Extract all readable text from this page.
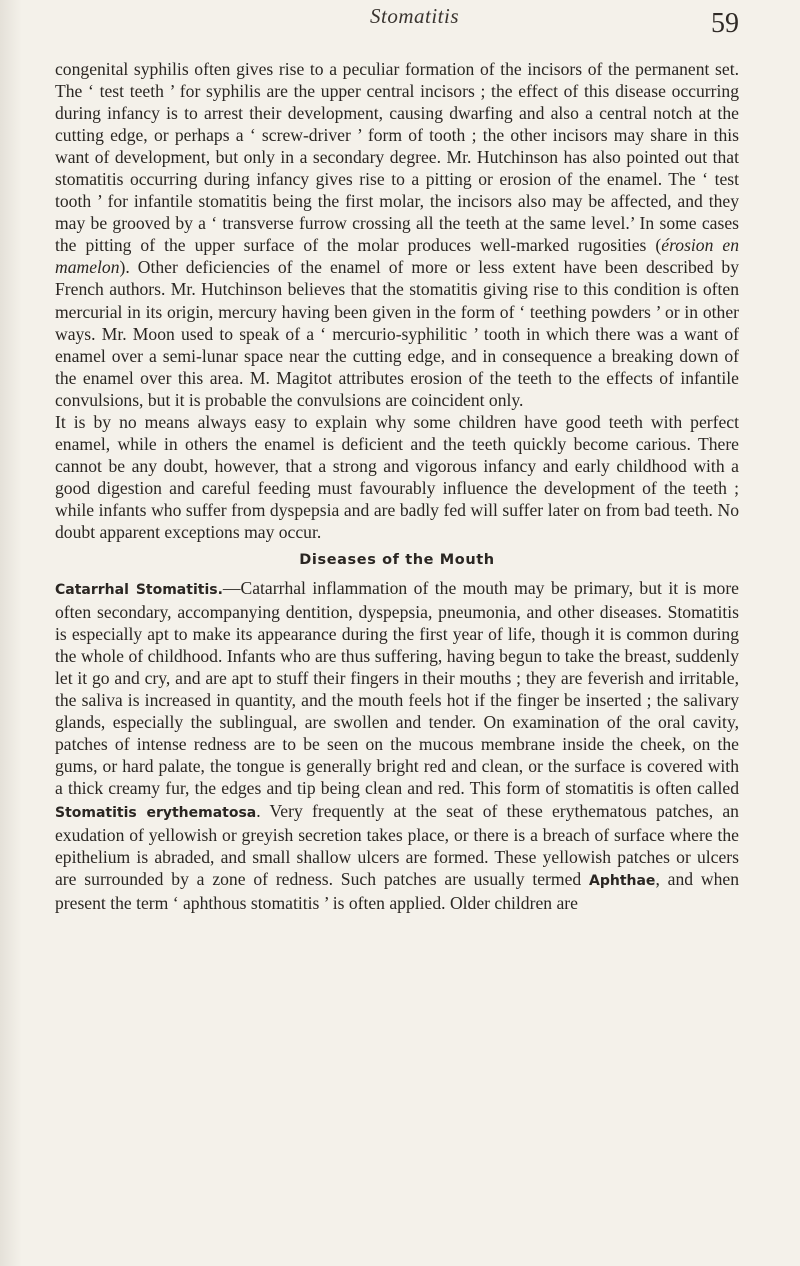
Stomatitis	59

congenital syphilis often gives rise to a peculiar formation of the incisors of the permanent set. The ‘ test teeth ’ for syphilis are the upper central incisors ; the effect of this disease occurring during infancy is to arrest their development, causing dwarfing and also a central notch at the cutting edge, or perhaps a ‘ screw-driver ’ form of tooth ; the other incisors may share in this want of development, but only in a secondary degree. Mr. Hutchinson has also pointed out that stomatitis occurring during infancy gives rise to a pitting or erosion of the enamel. The ‘ test tooth ’ for infantile stomatitis being the first molar, the incisors also may be affected, and they may be grooved by a ‘ transverse furrow crossing all the teeth at the same level.’ In some cases the pitting of the upper surface of the molar produces well-marked rugosities (érosion en mamelon). Other deficiencies of the enamel of more or less extent have been described by French authors. Mr. Hutchinson believes that the stomatitis giving rise to this condition is often mercurial in its origin, mercury having been given in the form of ‘ teething powders ’ or in other ways. Mr. Moon used to speak of a ‘ mercurio-syphilitic ’ tooth in which there was a want of enamel over a semi-lunar space near the cutting edge, and in consequence a breaking down of the enamel over this area. M. Magitot attributes erosion of the teeth to the effects of infantile convulsions, but it is probable the convulsions are coincident only.

It is by no means always easy to explain why some children have good teeth with perfect enamel, while in others the enamel is deficient and the teeth quickly become carious. There cannot be any doubt, however, that a strong and vigorous infancy and early childhood with a good digestion and careful feeding must favourably influence the development of the teeth ; while infants who suffer from dyspepsia and are badly fed will suffer later on from bad teeth. No doubt apparent exceptions may occur.

Diseases of the Mouth

Catarrhal Stomatitis.—Catarrhal inflammation of the mouth may be primary, but it is more often secondary, accompanying dentition, dyspepsia, pneumonia, and other diseases. Stomatitis is especially apt to make its appearance during the first year of life, though it is common during the whole of childhood. Infants who are thus suffering, having begun to take the breast, suddenly let it go and cry, and are apt to stuff their fingers in their mouths ; they are feverish and irritable, the saliva is increased in quantity, and the mouth feels hot if the finger be inserted ; the salivary glands, especially the sublingual, are swollen and tender. On examination of the oral cavity, patches of intense redness are to be seen on the mucous membrane inside the cheek, on the gums, or hard palate, the tongue is generally bright red and clean, or the surface is covered with a thick creamy fur, the edges and tip being clean and red. This form of stomatitis is often called Stomatitis erythematosa. Very frequently at the seat of these erythematous patches, an exudation of yellowish or greyish secretion takes place, or there is a breach of surface where the epithelium is abraded, and small shallow ulcers are formed. These yellowish patches or ulcers are surrounded by a zone of redness. Such patches are usually termed Aphthae, and when present the term ‘ aphthous stomatitis ’ is often applied. Older children are
